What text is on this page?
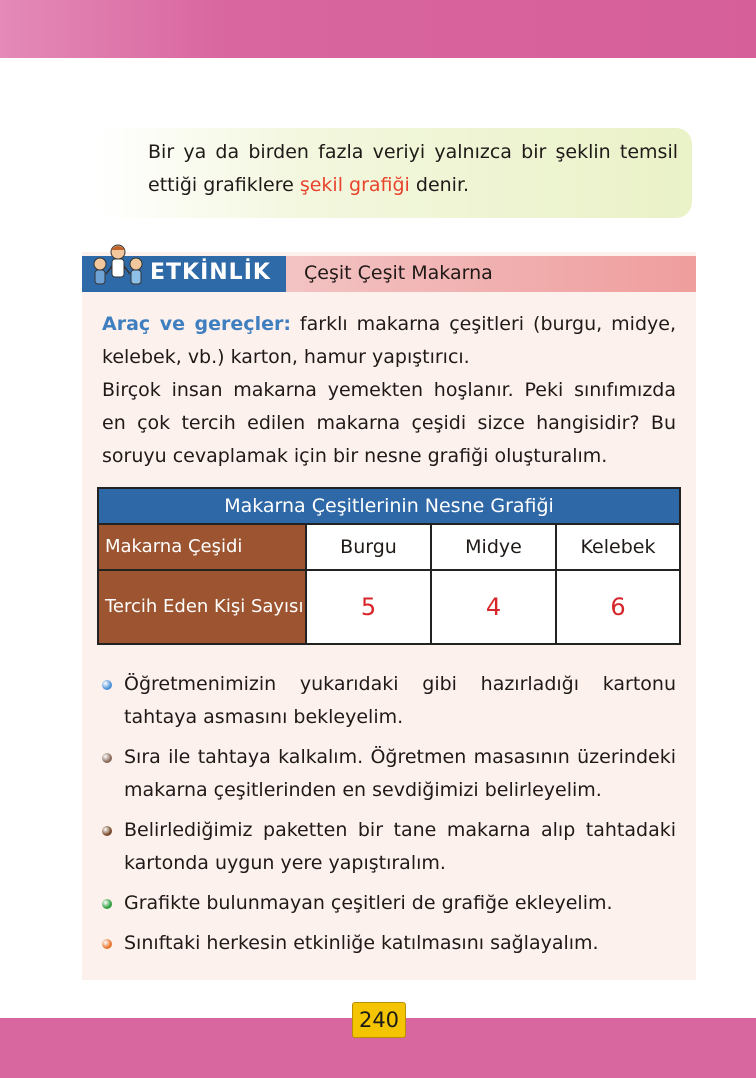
Bir ya da birden fazla veriyi yalnızca bir şeklin temsil ettiği grafiklere şekil grafiği denir.
ETKİNLİK Çeşit Çeşit Makarna

Araç ve gereçler: farklı makarna çeşitleri (burgu, midye, kelebek, vb.) karton, hamur yapıştırıcı.

Birçok insan makarna yemekten hoşlanır. Peki sınıfımızda en çok tercih edilen makarna çeşidi sizce hangisidir? Bu soruyu cevaplamak için bir nesne grafiği oluşturalım.

Makarna Çeşitlerinin Nesne Grafiği			
Makarna Çeşidi	Burgu	Midye	Kelebek
Tercih Eden Kişi Sayısı	5	4	6
Öğretmenimizin yukarıdaki gibi hazırladığı kartonu tahtaya asmasını bekleyelim.
Sıra ile tahtaya kalkalım. Öğretmen masasının üzerindeki makarna çeşitlerinden en sevdiğimizi belirleyelim.
Belirlediğimiz paketten bir tane makarna alıp tahtadaki kartonda uygun yere yapıştıralım.
Grafikte bulunmayan çeşitleri de grafiğe ekleyelim.
Sınıftaki herkesin etkinliğe katılmasını sağlayalım.
240
